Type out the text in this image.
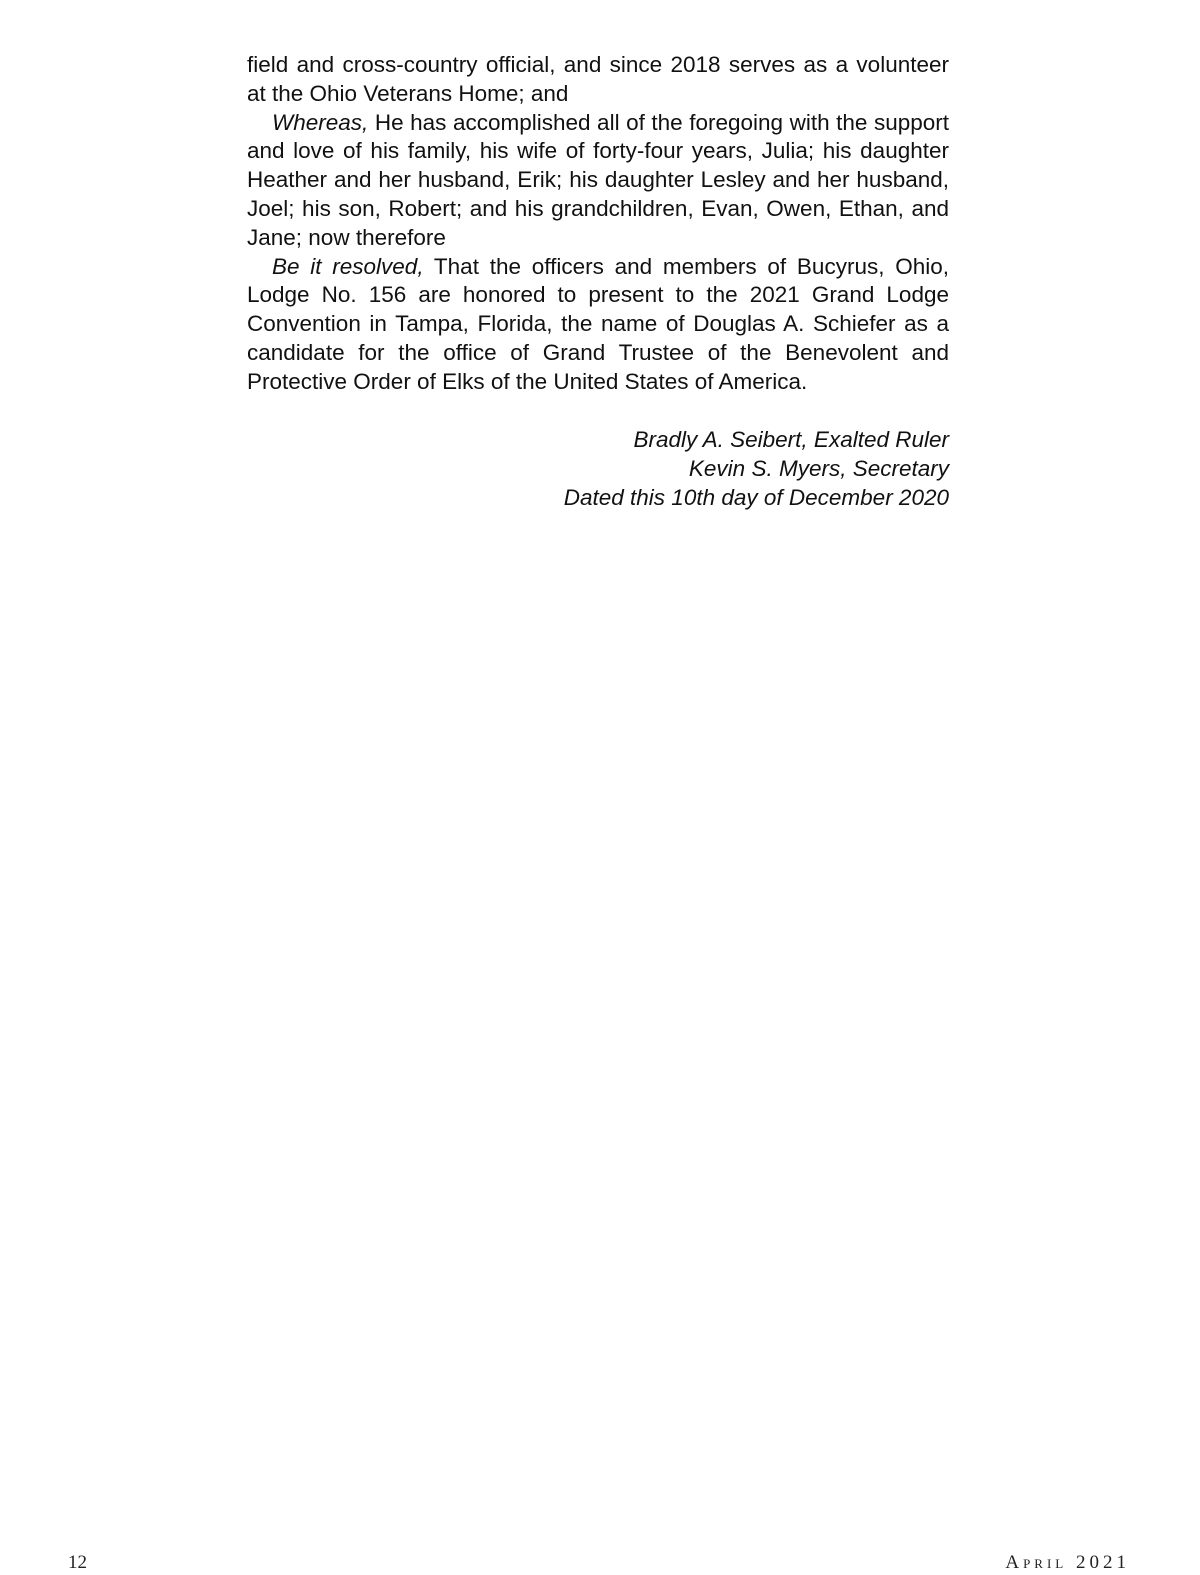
field and cross-country official, and since 2018 serves as a volunteer at the Ohio Veterans Home; and

Whereas, He has accomplished all of the foregoing with the support and love of his family, his wife of forty-four years, Julia; his daughter Heather and her husband, Erik; his daughter Lesley and her husband, Joel; his son, Robert; and his grandchildren, Evan, Owen, Ethan, and Jane; now therefore

Be it resolved, That the officers and members of Bucyrus, Ohio, Lodge No. 156 are honored to present to the 2021 Grand Lodge Convention in Tampa, Florida, the name of Douglas A. Schiefer as a candidate for the office of Grand Trustee of the Benevolent and Protective Order of Elks of the United States of America.

Bradly A. Seibert, Exalted Ruler
Kevin S. Myers, Secretary
Dated this 10th day of December 2020
12	April 2021
